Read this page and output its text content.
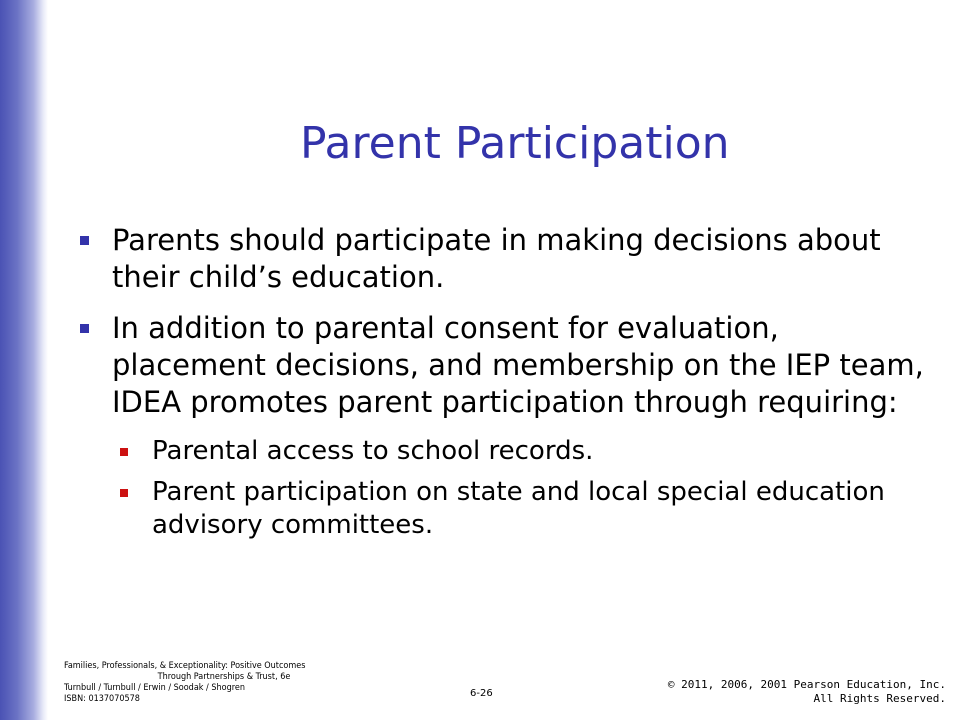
Parent Participation
Parents should participate in making decisions about their child’s education.
In addition to parental consent for evaluation, placement decisions, and membership on the IEP team, IDEA promotes parent participation through requiring:
Parental access to school records.
Parent participation on state and local special education advisory committees.
Families, Professionals, & Exceptionality: Positive Outcomes
Through Partnerships & Trust, 6e
Turnbull / Turnbull / Erwin / Soodak / Shogren
ISBN: 0137070578	6-26
© 2011, 2006, 2001 Pearson Education, Inc.
All Rights Reserved.
